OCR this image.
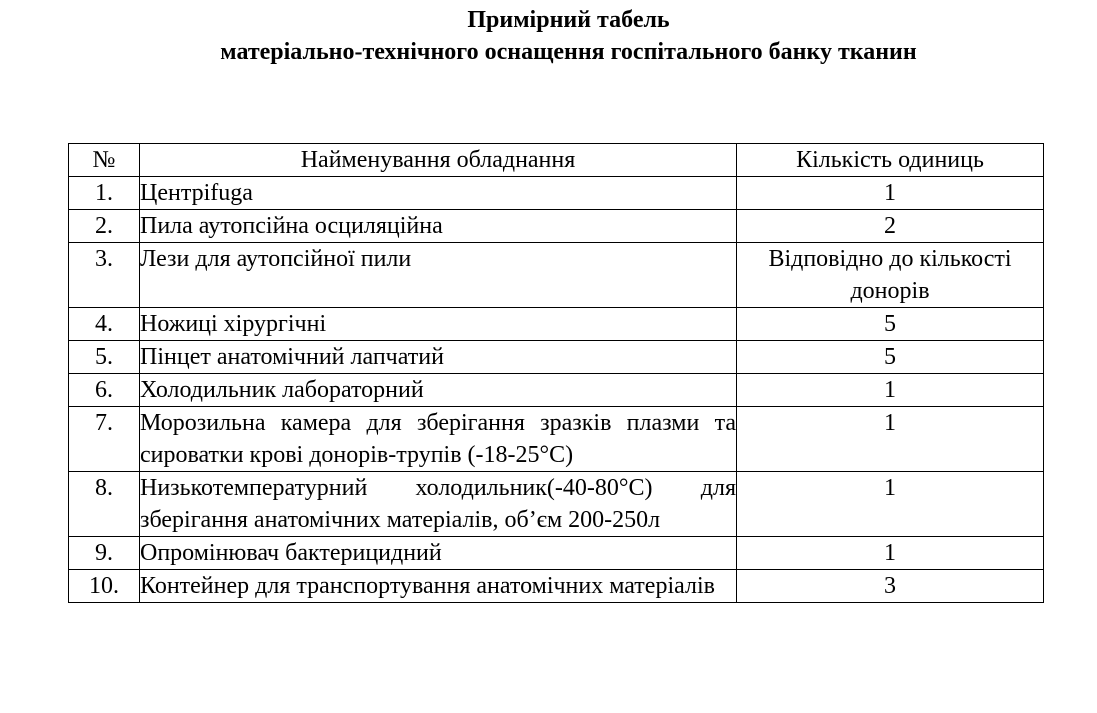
Примірний табель
матеріально-технічного оснащення госпітального банку тканин
№	Найменування обладнання	Кількість одиниць
1.	Центрifuga	1
2.	Пила аутопсійна осциляційна	2
3.	Лези для аутопсійної пили	Відповідно до кількості донорів
4.	Ножиці хірургічні	5
5.	Пінцет анатомічний лапчатий	5
6.	Холодильник лабораторний	1
7.	Морозильна камера для зберігання зразків плазми та сироватки крові донорів-трупів (-18-25°С)	1
8.	Низькотемпературний холодильник(-40-80°С) для зберігання анатомічних матеріалів, об’єм 200-250л	1
9.	Опромінювач бактерицидний	1
10.	Контейнер для транспортування анатомічних матеріалів	3
